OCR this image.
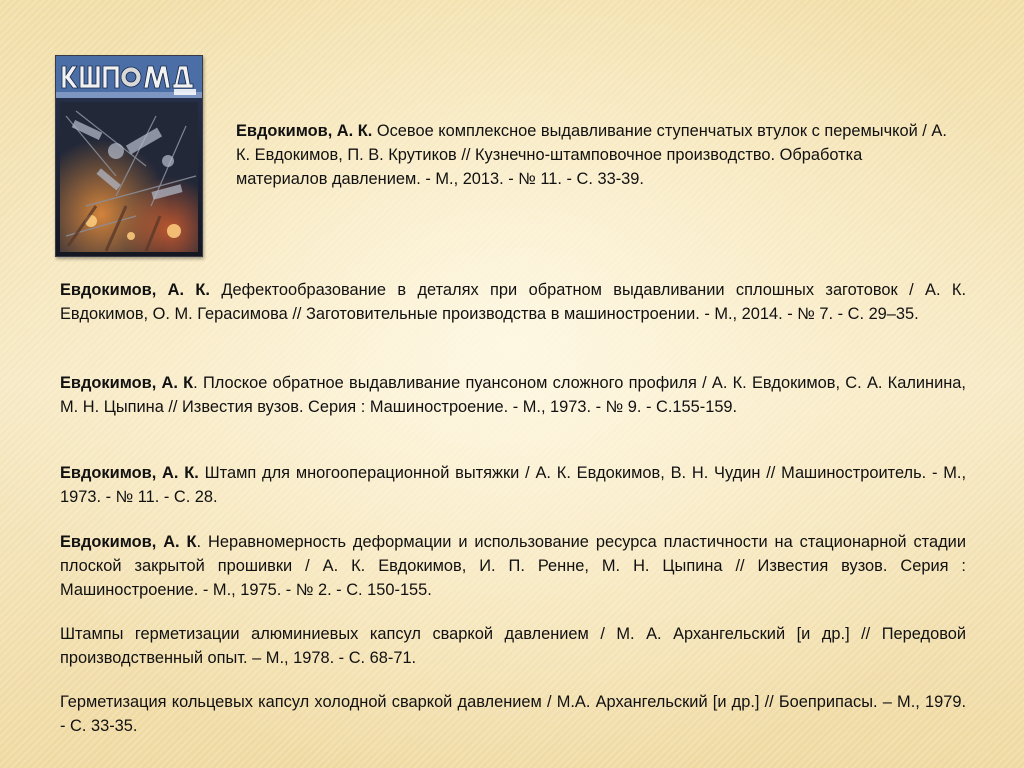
Евдокимов, А. К. Осевое комплексное выдавливание ступенчатых втулок с перемычкой / А. К. Евдокимов, П. В. Крутиков // Кузнечно-штамповочное производство. Обработка материалов давлением. - М., 2013. - № 11. - С. 33-39.

Евдокимов, А. К. Дефектообразование в деталях при обратном выдавливании сплошных заготовок / А. К. Евдокимов, О. М. Герасимова // Заготовительные производства в машиностроении. - М., 2014. - № 7. - С. 29–35.

Евдокимов, А. К. Плоское обратное выдавливание пуансоном сложного профиля / А. К. Евдокимов, С. А. Калинина, М. Н. Цыпина // Известия вузов. Серия : Машиностроение. - М., 1973. - № 9. - С.155-159.

Евдокимов, А. К. Штамп для многооперационной вытяжки / А. К. Евдокимов, В. Н. Чудин // Машиностроитель. - М., 1973. - № 11. - С. 28.

Евдокимов, А. К. Неравномерность деформации и использование ресурса пластичности на стационарной стадии плоской закрытой прошивки / А. К. Евдокимов, И. П. Ренне, М. Н. Цыпина // Известия вузов. Серия : Машиностроение. - М., 1975. - № 2. - С. 150-155.

Штампы герметизации алюминиевых капсул сваркой давлением / М. А. Архангельский [и др.] // Передовой производственный опыт. – М., 1978. - С. 68-71.

Герметизация кольцевых капсул холодной сваркой давлением / М.А. Архангельский [и др.] // Боеприпасы. – М., 1979. - С. 33-35.
